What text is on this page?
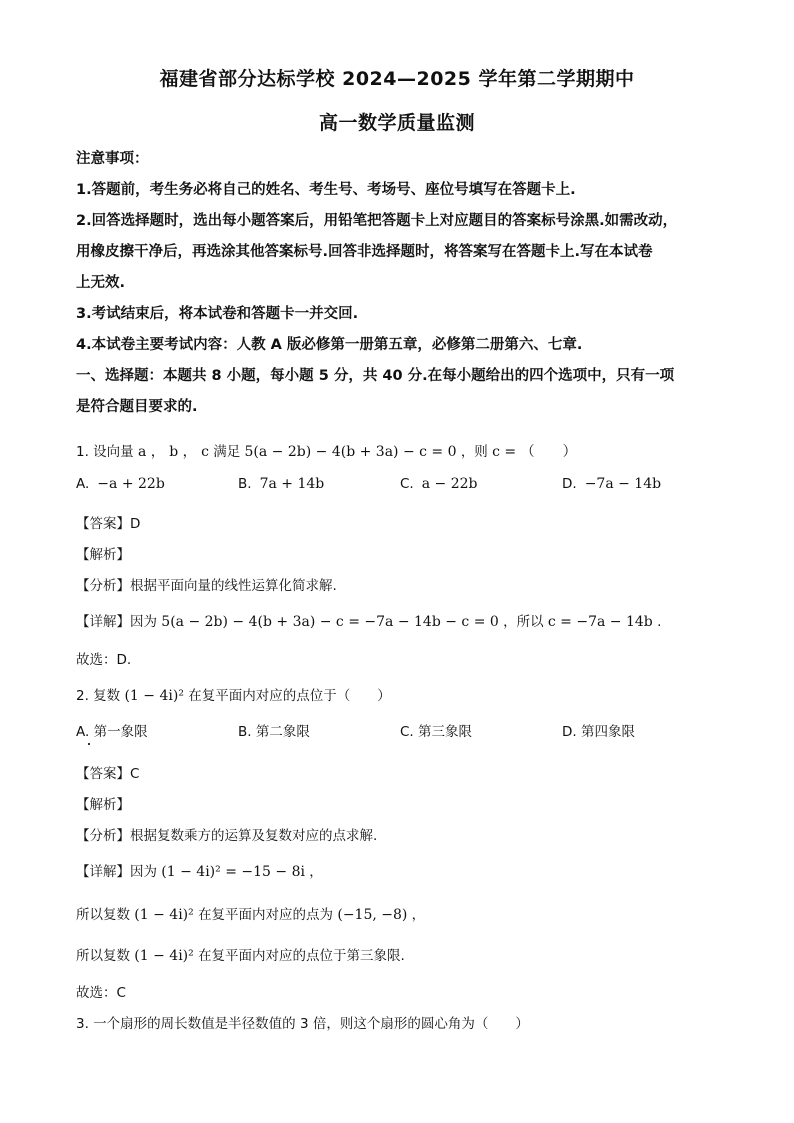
福建省部分达标学校 2024—2025 学年第二学期期中
高一数学质量监测
注意事项：
1.答题前，考生务必将自己的姓名、考生号、考场号、座位号填写在答题卡上.
2.回答选择题时，选出每小题答案后，用铅笔把答题卡上对应题目的答案标号涂黑.如需改动，
用橡皮擦干净后，再选涂其他答案标号.回答非选择题时，将答案写在答题卡上.写在本试卷
上无效.
3.考试结束后，将本试卷和答题卡一并交回.
4.本试卷主要考试内容：人教 A 版必修第一册第五章，必修第二册第六、七章.
一、选择题：本题共 8 小题，每小题 5 分，共 40 分.在每小题给出的四个选项中，只有一项
是符合题目要求的.
1. 设向量 a ， b ， c 满足 5(a − 2b) − 4(b + 3a) − c = 0 ，则 c = （　　）
A. −a + 22b	B. 7a + 14b	C. a − 22b	D. −7a − 14b
【答案】D
【解析】
【分析】根据平面向量的线性运算化简求解.
【详解】因为 5(a − 2b) − 4(b + 3a) − c = −7a − 14b − c = 0 ，所以 c = −7a − 14b .
故选：D.
2. 复数 (1 − 4i)² 在复平面内对应的点位于（　　）
A. 第一象限	B. 第二象限	C. 第三象限	D. 第四象限
【答案】C
【解析】
【分析】根据复数乘方的运算及复数对应的点求解.
【详解】因为 (1 − 4i)² = −15 − 8i ，
所以复数 (1 − 4i)² 在复平面内对应的点为 (−15, −8) ，
所以复数 (1 − 4i)² 在复平面内对应的点位于第三象限.
故选：C
3. 一个扇形的周长数值是半径数值的 3 倍，则这个扇形的圆心角为（　　）
